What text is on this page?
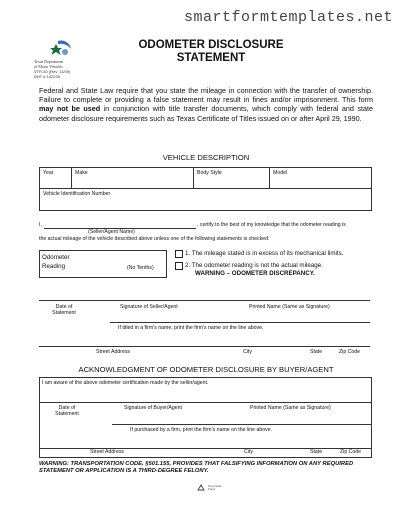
smartformtemplates.net
Texas Department
of Motor Vehicles
VTR-40 (Rev. 11/09)
DHT # 142235
ODOMETER DISCLOSURE
STATEMENT
Federal and State Law require that you state the mileage in connection with the transfer of ownership. Failure to complete or providing a false statement may result in fines and/or imprisonment. This form may not be used in conjunction with title transfer documents, which comply with federal and state odometer disclosure requirements such as Texas Certificate of Titles issued on or after April 29, 1990.
VEHICLE DESCRIPTION
Year	Make	Body Style	Model
Vehicle Identification Number
I,	, certify to the best of my knowledge that the odometer reading is
(Seller/Agent Name)
the actual mileage of the vehicle described above unless one of the following statements is checked:
Odometer
Reading	(No Tenths)
1. The mileage stated is in excess of its mechanical limits.
2. The odometer reading is not the actual mileage.
WARNING – ODOMETER DISCREPANCY.
Date of
Statement
Signature of Seller/Agent	Printed Name (Same as Signature)
If titled in a firm’s name, print the firm’s name on the line above.
Street Address	City	State	Zip Code
ACKNOWLEDGMENT OF ODOMETER DISCLOSURE BY BUYER/AGENT
I am aware of the above odometer certification made by the seller/agent.
Date of
Statement
Signature of Buyer/Agent	Printed Name (Same as Signature)
If purchased by a firm, print the firm’s name on the line above.
Street Address	City	State	Zip Code
WARNING: TRANSPORTATION CODE, §501.155, PROVIDES THAT FALSIFYING INFORMATION ON ANY REQUIRED STATEMENT OR APPLICATION IS A THIRD-DEGREE FELONY.
Recyclable
Paper
